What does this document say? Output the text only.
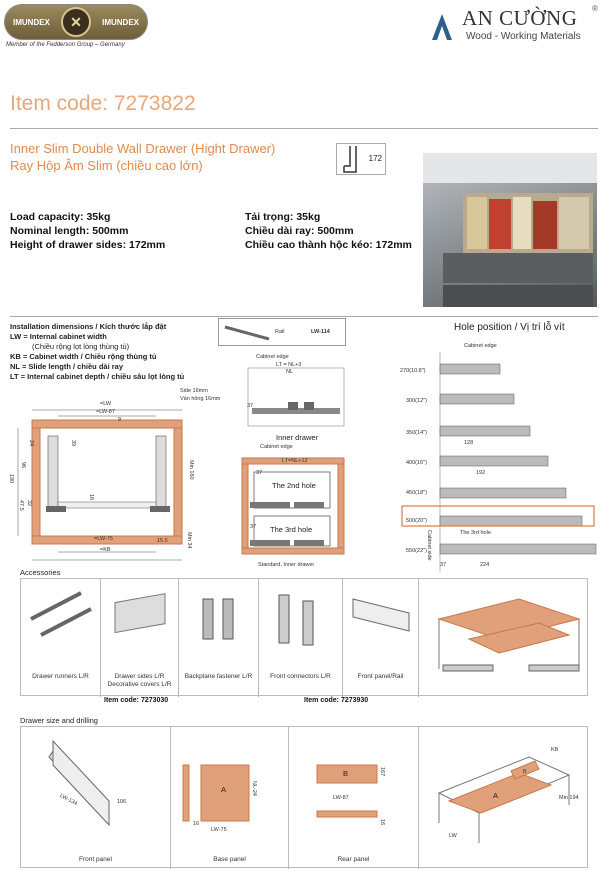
IMUNDEX	✕	IMUNDEX
Member of the Fedderson Group – Germany
AN CƯỜNG ®
Wood - Working Materials
Item code: 7273822
Inner Slim Double Wall Drawer (Hight Drawer)
Ray Hộp Âm Slim (chiều cao lớn)	172
Load capacity: 35kg
Nominal length: 500mm
Height of drawer sides: 172mm
Tải trọng: 35kg
Chiều dài ray: 500mm
Chiều cao thành hộc kéo: 172mm
Installation dimensions / Kích thước lắp đặt
LW = Internal cabinet width
(Chiều rộng lọt lòng thùng tủ)
KB = Cabinet width / Chiều rộng thùng tủ
NL = Slide length / chiều dài ray
LT = Internal cabinet depth / chiều sâu lọt lòng tủ
Side 16mm
Ván hông 16mm
=LW
=LW-87
9
Min 160
=LW-75
=KB
15.5	Min 34
190
96
47.5 32
24	39
16
Rail	LW-114
Cabinet edge
LT = NL+3
NL
37
Inner drawer
Cabinet edge
LT=NL+12
37
The 2nd hole
37 The 3rd hole
Standard, Inner drawer
Hole position / Vị trí lỗ vít
Cabinet edge
270(10.8")
300(12")
350(14")
400(16")
450(18")
500(20")
550(22")
128
192
The 3rd hole
37	224
Cabinet side
Accessories
Drawer runners L/R	Drawer sides L/R
Decorative covers L/R
Backplane fastener L/R	Front connectors L/R	Front panel/Rail
Item code: 7273030	Item code: 7273930
Drawer size and drilling
LW-134	106
Front panel
A	NL-24
LW-75
16
Base panel
B	167
LW-87
16
Rear panel
A
B
KB
LW
Min 194
